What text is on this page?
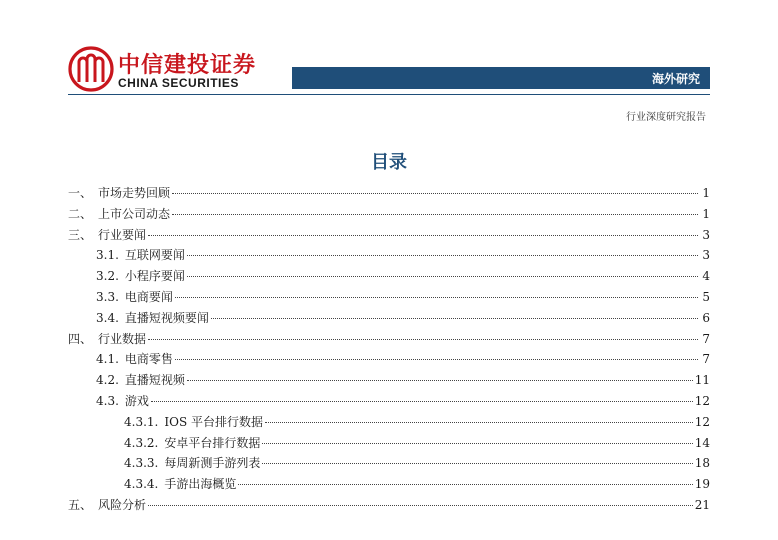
中信建投证券
CHINA SECURITIES	海外研究
行业深度研究报告
目录
一、 市场走势回顾	1
二、 上市公司动态	1
三、 行业要闻	3
3.1. 互联网要闻	3
3.2. 小程序要闻	4
3.3. 电商要闻	5
3.4. 直播短视频要闻	6
四、 行业数据	7
4.1. 电商零售	7
4.2. 直播短视频	11
4.3. 游戏	12
4.3.1. IOS 平台排行数据	12
4.3.2. 安卓平台排行数据	14
4.3.3. 每周新测手游列表	18
4.3.4. 手游出海概览	19
五、 风险分析	21
